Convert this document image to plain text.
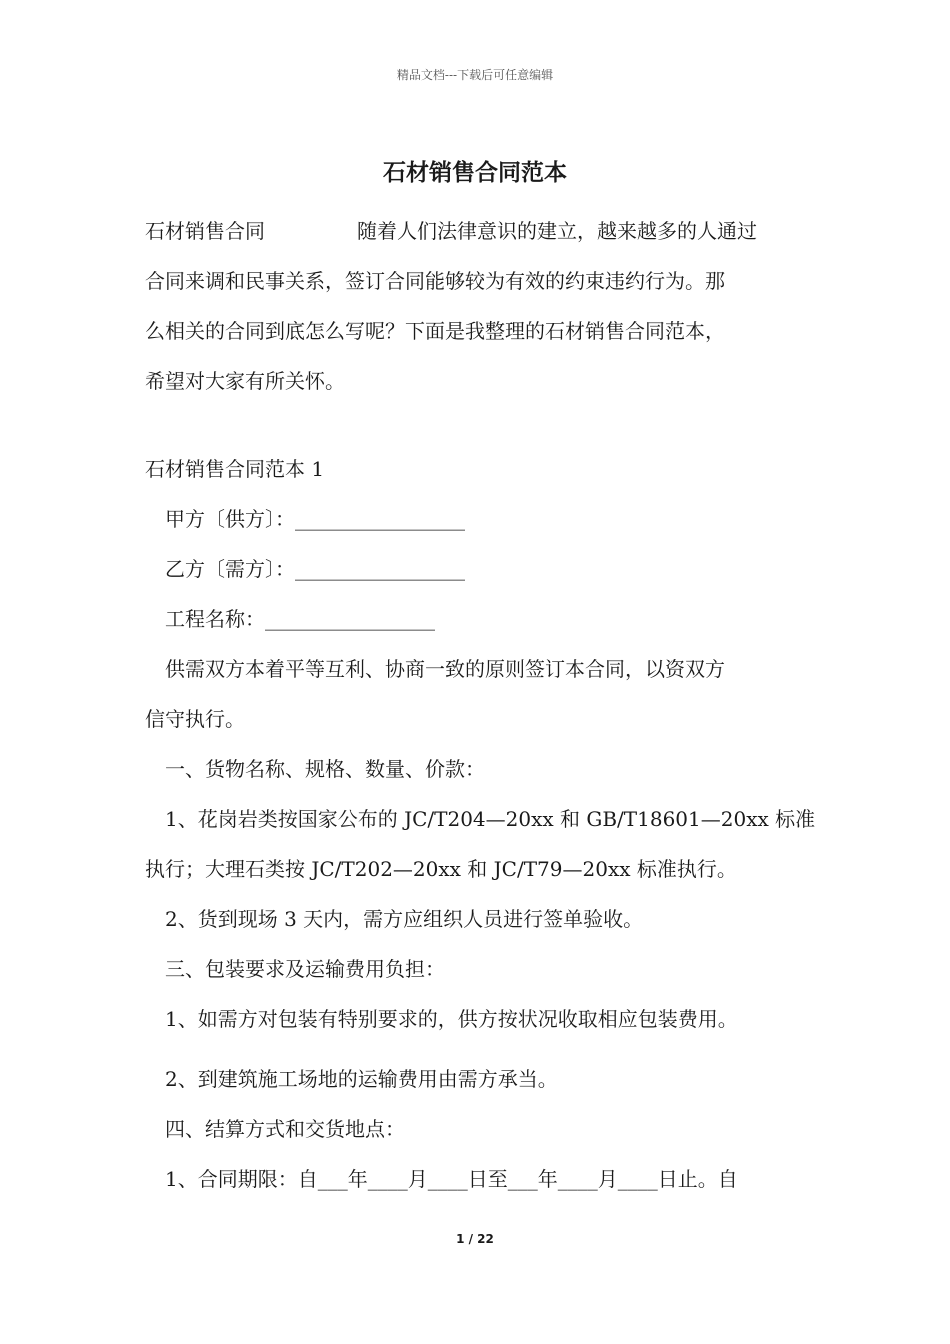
精品文档---下载后可任意编辑
石材销售合同范本

石材销售合同	随着人们法律意识的建立，越来越多的人通过

合同来调和民事关系，签订合同能够较为有效的约束违约行为。那

么相关的合同到底怎么写呢？下面是我整理的石材销售合同范本，

希望对大家有所关怀。

石材销售合同范本 1

甲方〔供方〕：_________________

乙方〔需方〕：_________________

工程名称：_________________

供需双方本着平等互利、协商一致的原则签订本合同，以资双方

信守执行。

一、货物名称、规格、数量、价款：

1、花岗岩类按国家公布的 JC/T204—20xx 和 GB/T18601—20xx 标准

执行；大理石类按 JC/T202—20xx 和 JC/T79—20xx 标准执行。

2、货到现场 3 天内，需方应组织人员进行签单验收。

三、包装要求及运输费用负担：

1、如需方对包装有特别要求的，供方按状况收取相应包装费用。

2、到建筑施工场地的运输费用由需方承当。

四、结算方式和交货地点：

1、合同期限：自___年____月____日至___年____月____日止。自

1 / 22
